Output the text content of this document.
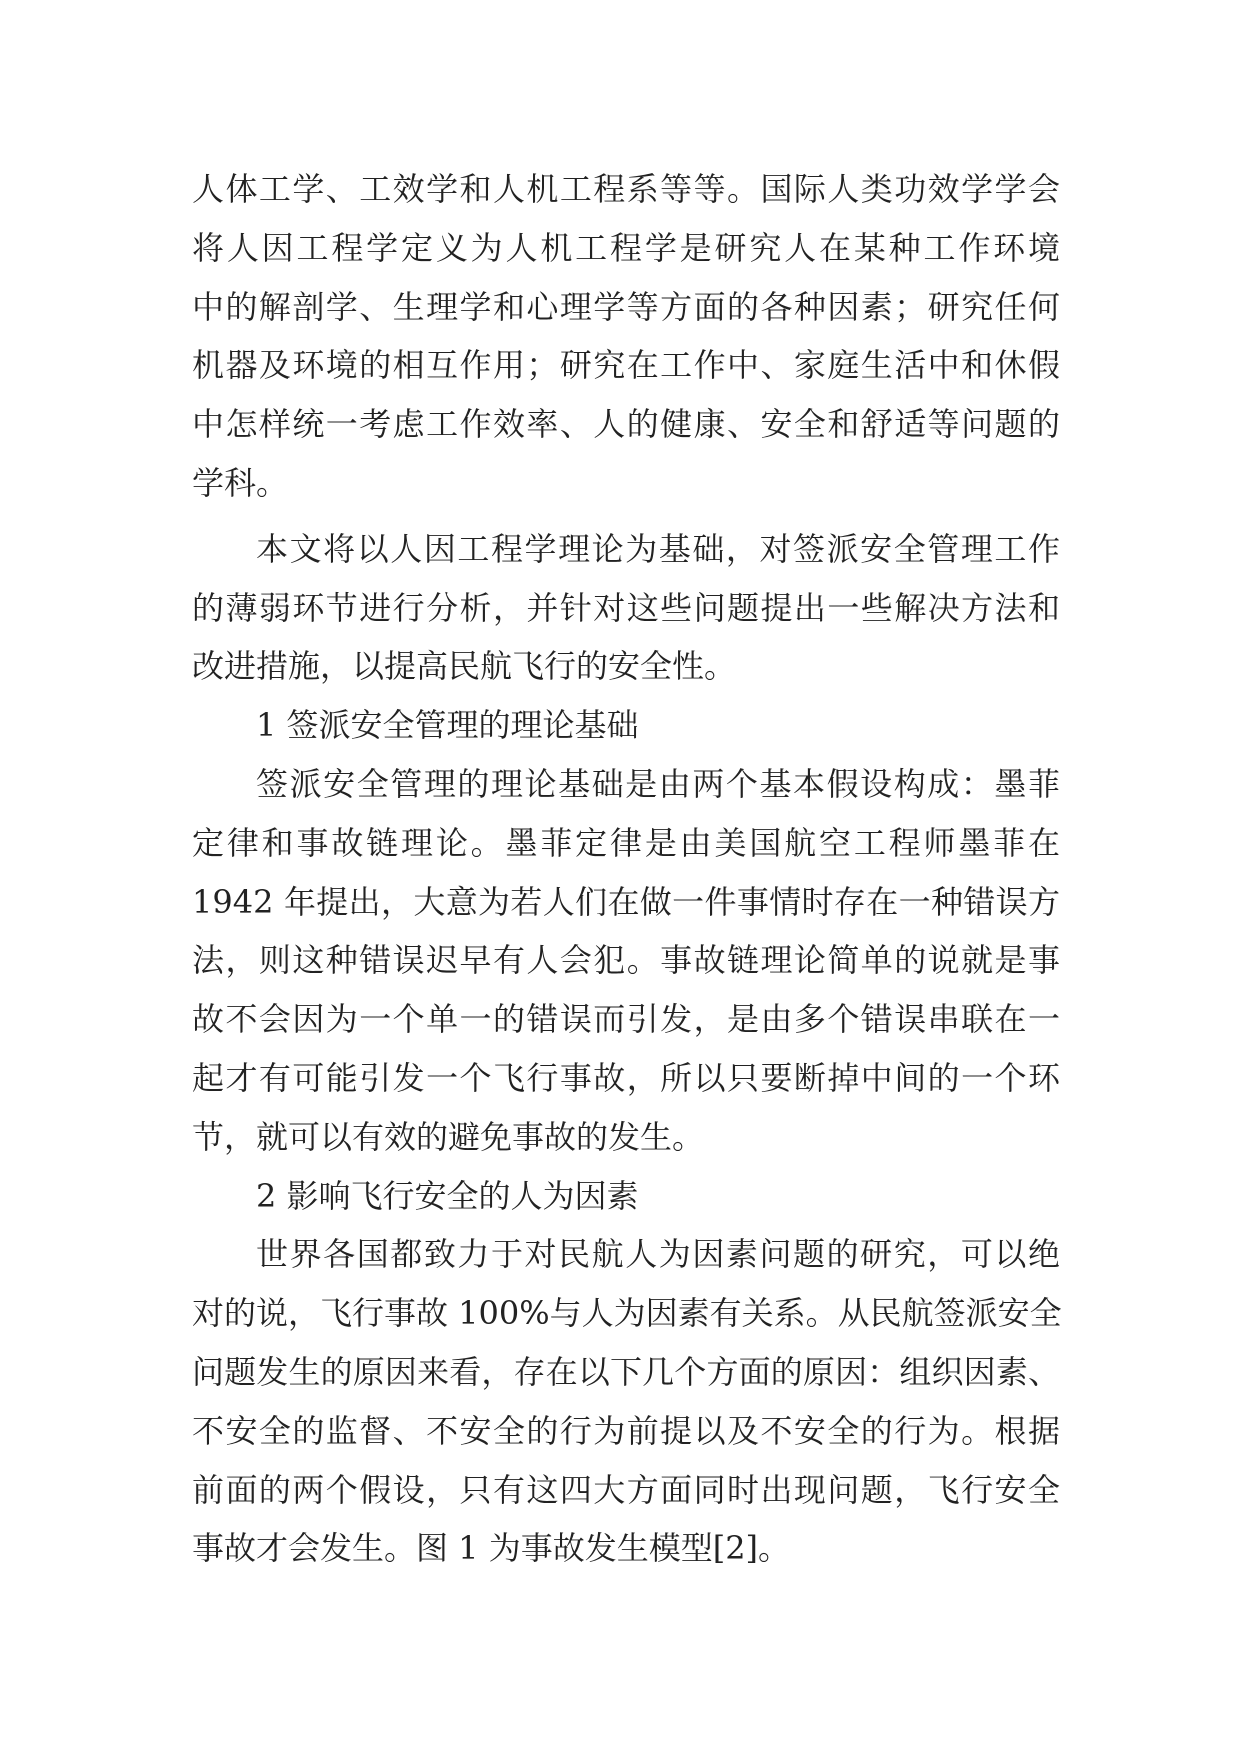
人体工学、工效学和人机工程系等等。国际人类功效学学会
将人因工程学定义为人机工程学是研究人在某种工作环境
中的解剖学、生理学和心理学等方面的各种因素；研究任何
机器及环境的相互作用；研究在工作中、家庭生活中和休假
中怎样统一考虑工作效率、人的健康、安全和舒适等问题的
学科。
本文将以人因工程学理论为基础，对签派安全管理工作
的薄弱环节进行分析，并针对这些问题提出一些解决方法和
改进措施，以提高民航飞行的安全性。
1 签派安全管理的理论基础
签派安全管理的理论基础是由两个基本假设构成：墨菲
定律和事故链理论。墨菲定律是由美国航空工程师墨菲在
1942 年提出，大意为若人们在做一件事情时存在一种错误方
法，则这种错误迟早有人会犯。事故链理论简单的说就是事
故不会因为一个单一的错误而引发，是由多个错误串联在一
起才有可能引发一个飞行事故，所以只要断掉中间的一个环
节，就可以有效的避免事故的发生。
2 影响飞行安全的人为因素
世界各国都致力于对民航人为因素问题的研究，可以绝
对的说，飞行事故 100%与人为因素有关系。从民航签派安全
问题发生的原因来看，存在以下几个方面的原因：组织因素、
不安全的监督、不安全的行为前提以及不安全的行为。根据
前面的两个假设，只有这四大方面同时出现问题，飞行安全
事故才会发生。图 1 为事故发生模型[2]。
